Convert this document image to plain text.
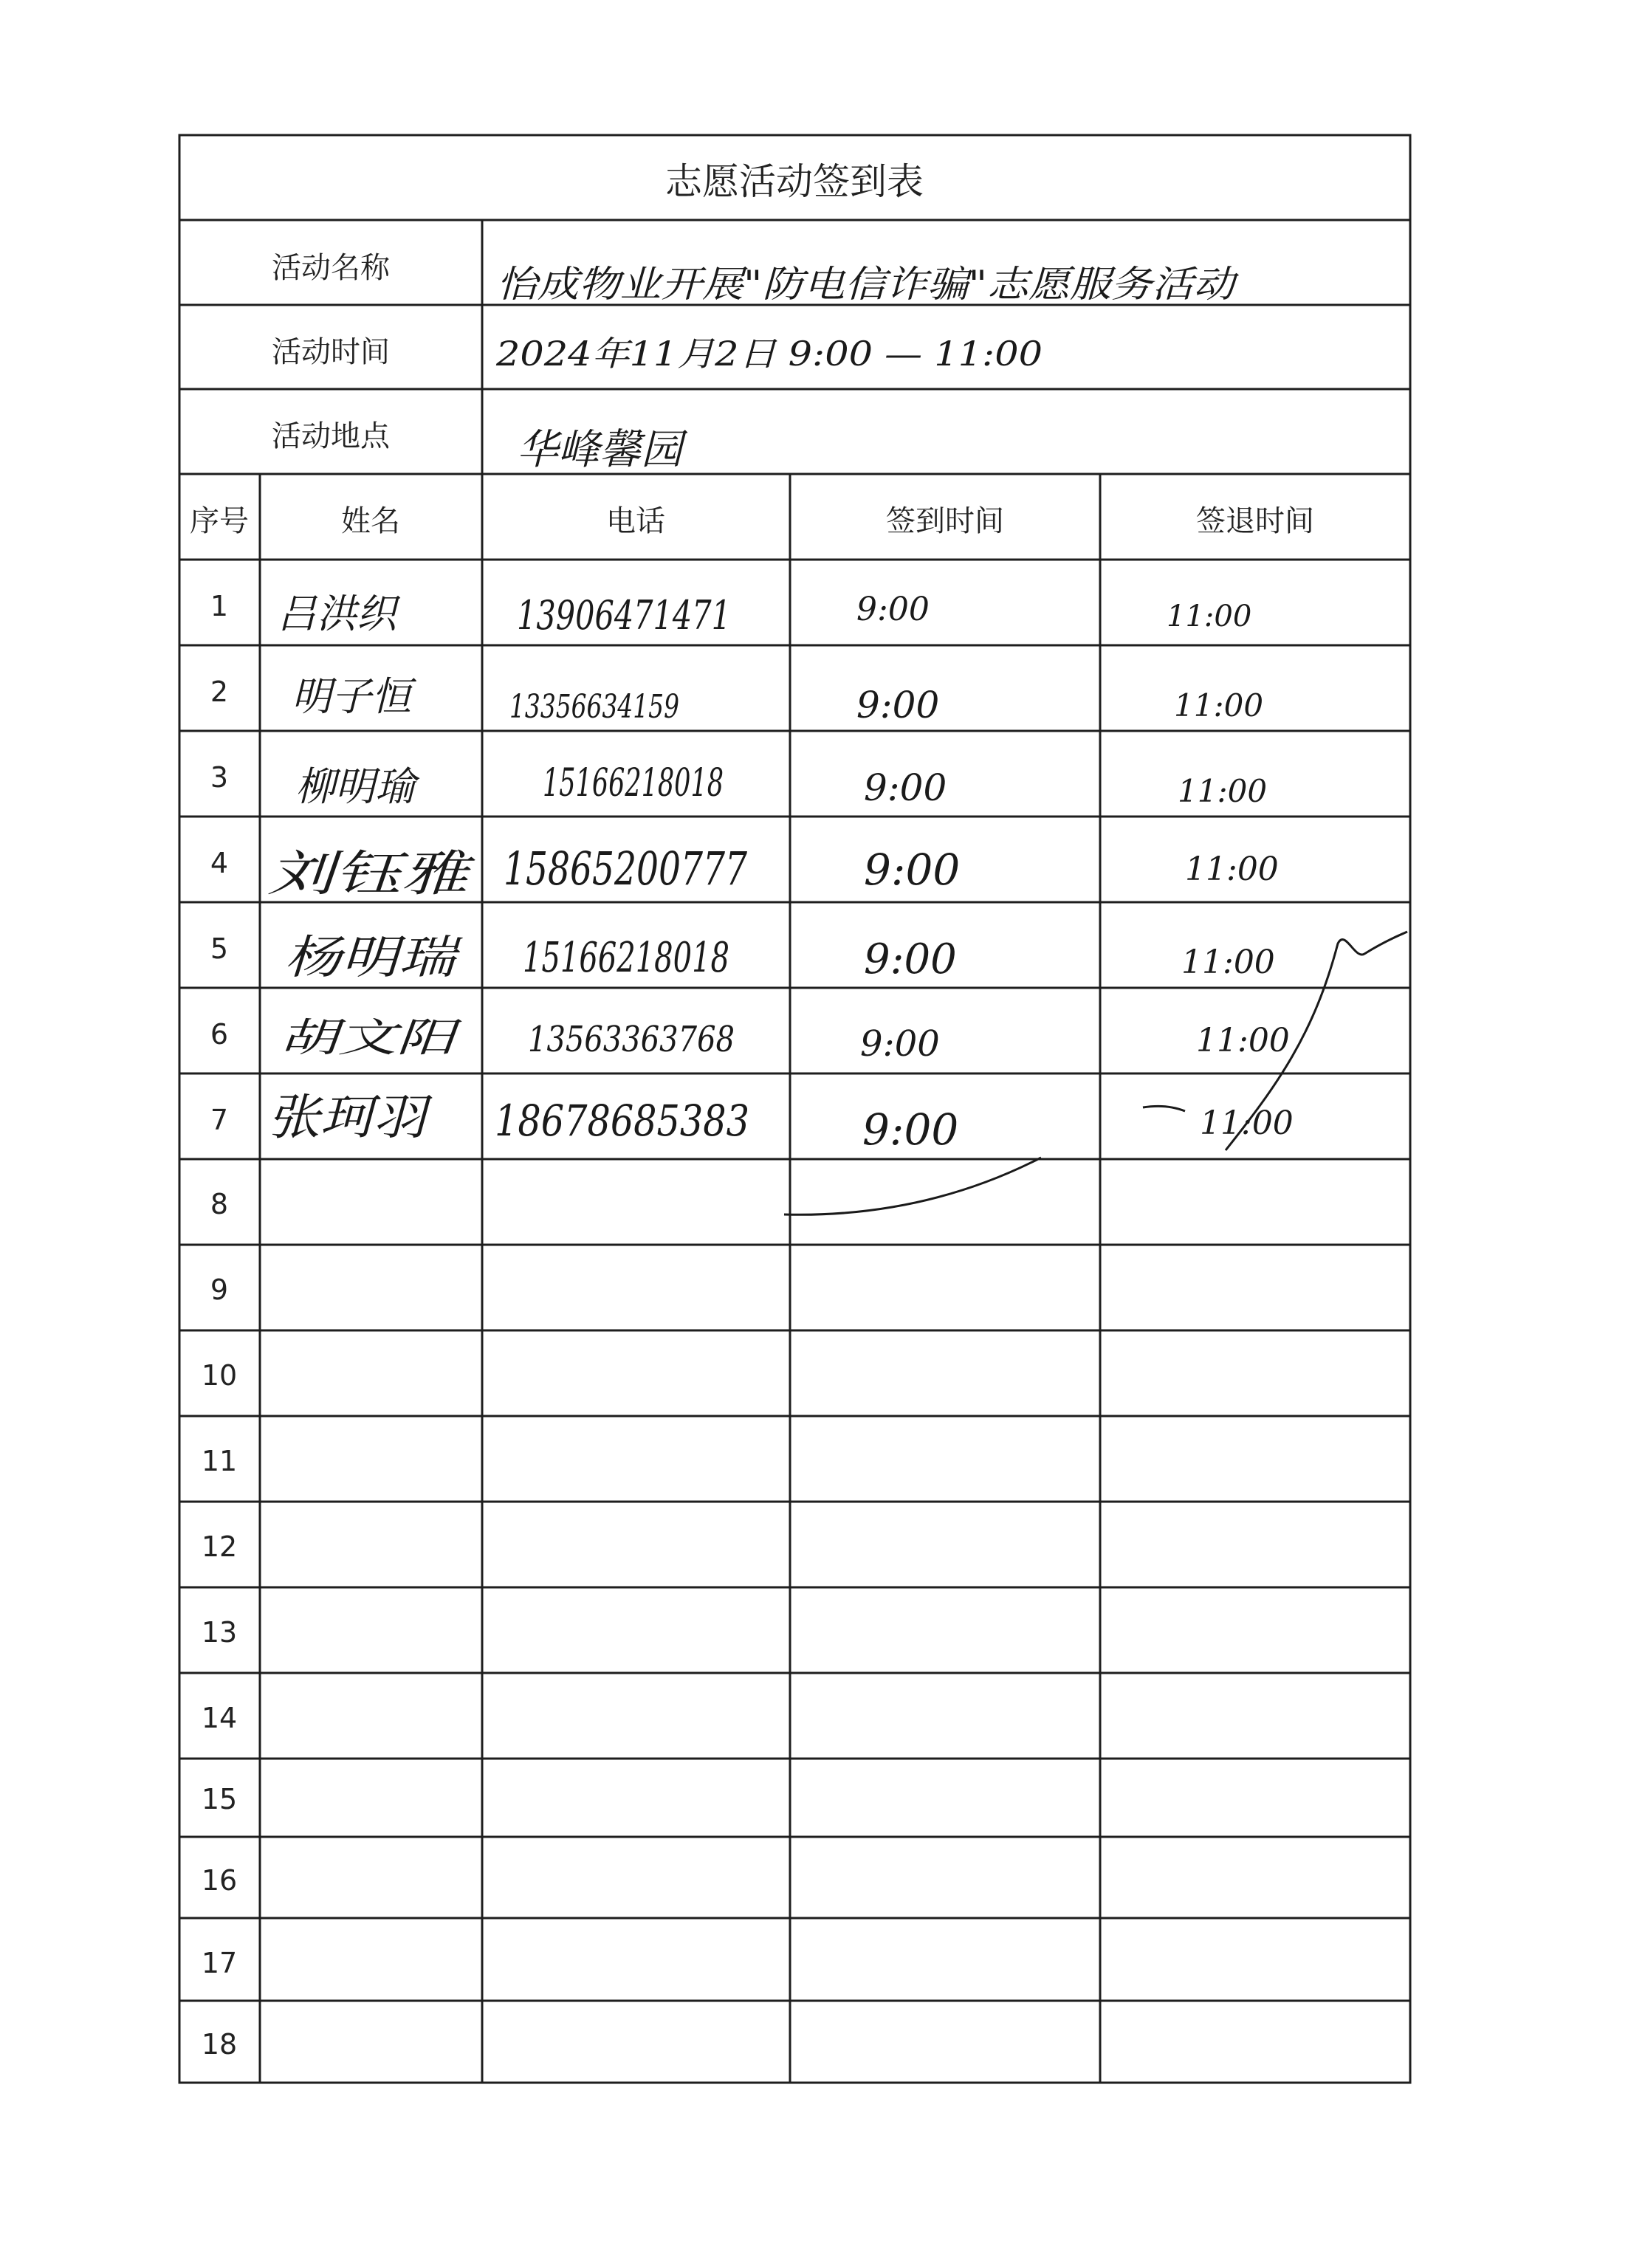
志愿活动签到表
活动名称	怡成物业开展"防电信诈骗"志愿服务活动
活动时间	2024年11月2日 9:00 — 11:00
活动地点	华峰馨园
序号	姓名	电话	签到时间	签退时间
1 吕洪织	13906471471	9:00	11:00
2 明子恒	13356634159	9:00	11:00
3 柳明瑜	15166218018	9:00	11:00
4 刘钰雅 15865200777	9:00	11:00
5 杨明瑞 15166218018	9:00	11:00
6 胡文阳 13563363768	9:00	11:00
7 张珂羽 18678685383	9:00	11:00
8
9
10
11
12
13
14
15
16
17
18
